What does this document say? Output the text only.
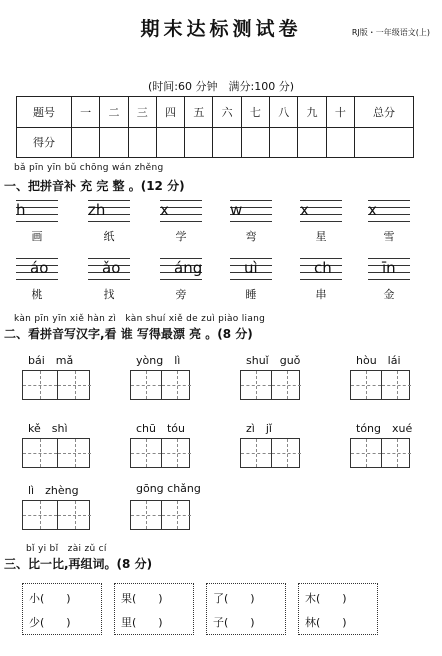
期末达标测试卷	RJ版・一年级语文(上)
(时间:60 分钟　满分:100 分)
题号	一	二	三	四	五	六	七	八	九	十	总分
得分											
bǎ pīn yīn bǔ chōng wán zhěng
一、把拼音补 充 完 整 。(12 分)
h
画
zh
纸
x
学
w
弯
x
星
x
雪
áo
桃
ǎo
找
áng
旁
uì
睡
ch
串
īn
金
kàn pīn yīn xiě hàn zì　kàn shuí xiě de zuì piào liang
二、看拼音写汉字,看 谁 写得最漂 亮 。(8 分)
bái　mǎ	yòng　lì	shuǐ　guǒ	hòu　lái
kě　shì	chū　tóu	zì　jǐ	tóng　xué
lì　zhèng	gōng chǎng
bǐ yi bǐ　zài zǔ cí
三、比一比,再组词。(8 分)
小(　　)
少(　　)
果(　　)
里(　　)
了(　　)
子(　　)
木(　　)
林(　　)
